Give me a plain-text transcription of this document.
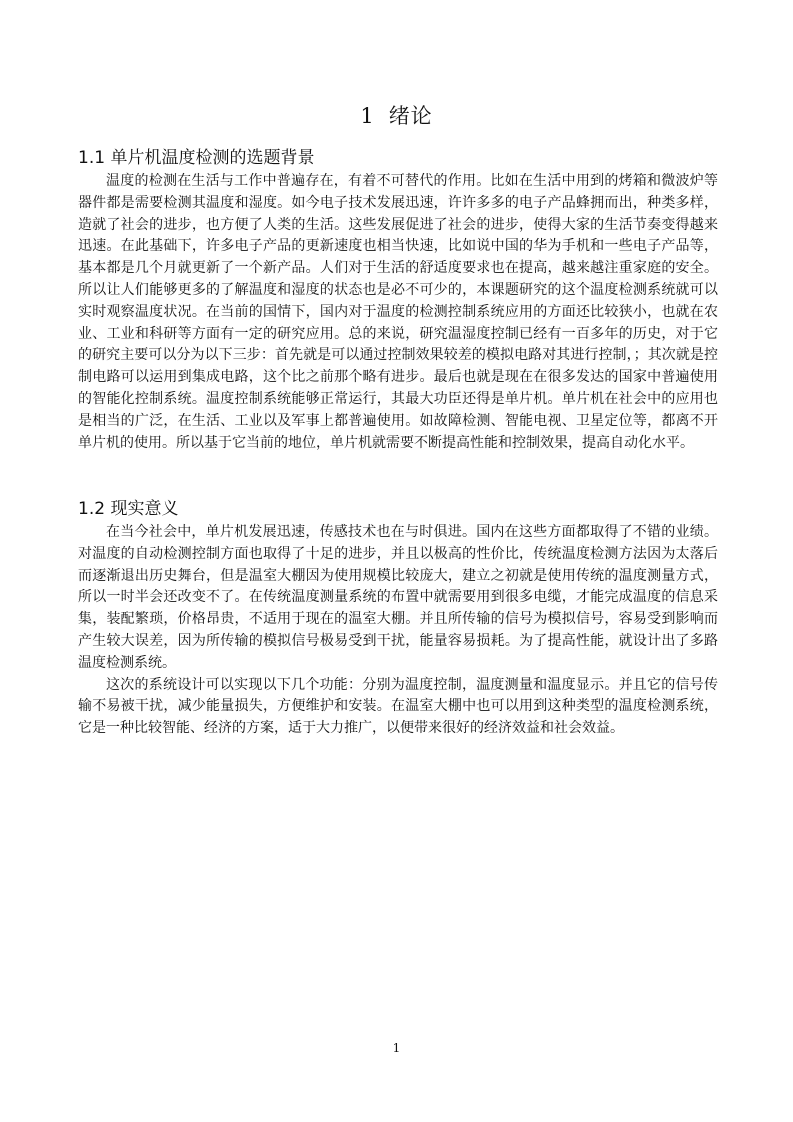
1 绪论
1.1 单片机温度检测的选题背景

温度的检测在生活与工作中普遍存在，有着不可替代的作用。比如在生活中用到的烤箱和微波炉等器件都是需要检测其温度和湿度。如今电子技术发展迅速，许许多多的电子产品蜂拥而出，种类多样，造就了社会的进步，也方便了人类的生活。这些发展促进了社会的进步，使得大家的生活节奏变得越来迅速。在此基础下，许多电子产品的更新速度也相当快速，比如说中国的华为手机和一些电子产品等，基本都是几个月就更新了一个新产品。人们对于生活的舒适度要求也在提高，越来越注重家庭的安全。所以让人们能够更多的了解温度和湿度的状态也是必不可少的，本课题研究的这个温度检测系统就可以实时观察温度状况。在当前的国情下，国内对于温度的检测控制系统应用的方面还比较狭小，也就在农业、工业和科研等方面有一定的研究应用。总的来说，研究温湿度控制已经有一百多年的历史，对于它的研究主要可以分为以下三步：首先就是可以通过控制效果较差的模拟电路对其进行控制，；其次就是控制电路可以运用到集成电路，这个比之前那个略有进步。最后也就是现在在很多发达的国家中普遍使用的智能化控制系统。温度控制系统能够正常运行，其最大功臣还得是单片机。单片机在社会中的应用也是相当的广泛，在生活、工业以及军事上都普遍使用。如故障检测、智能电视、卫星定位等，都离不开单片机的使用。所以基于它当前的地位，单片机就需要不断提高性能和控制效果，提高自动化水平。

1.2 现实意义

在当今社会中，单片机发展迅速，传感技术也在与时俱进。国内在这些方面都取得了不错的业绩。对温度的自动检测控制方面也取得了十足的进步，并且以极高的性价比，传统温度检测方法因为太落后而逐渐退出历史舞台，但是温室大棚因为使用规模比较庞大，建立之初就是使用传统的温度测量方式，所以一时半会还改变不了。在传统温度测量系统的布置中就需要用到很多电缆，才能完成温度的信息采集，装配繁琐，价格昂贵，不适用于现在的温室大棚。并且所传输的信号为模拟信号，容易受到影响而产生较大误差，因为所传输的模拟信号极易受到干扰，能量容易损耗。为了提高性能，就设计出了多路温度检测系统。

这次的系统设计可以实现以下几个功能：分别为温度控制，温度测量和温度显示。并且它的信号传输不易被干扰，减少能量损失，方便维护和安装。在温室大棚中也可以用到这种类型的温度检测系统，它是一种比较智能、经济的方案，适于大力推广，以便带来很好的经济效益和社会效益。

1
